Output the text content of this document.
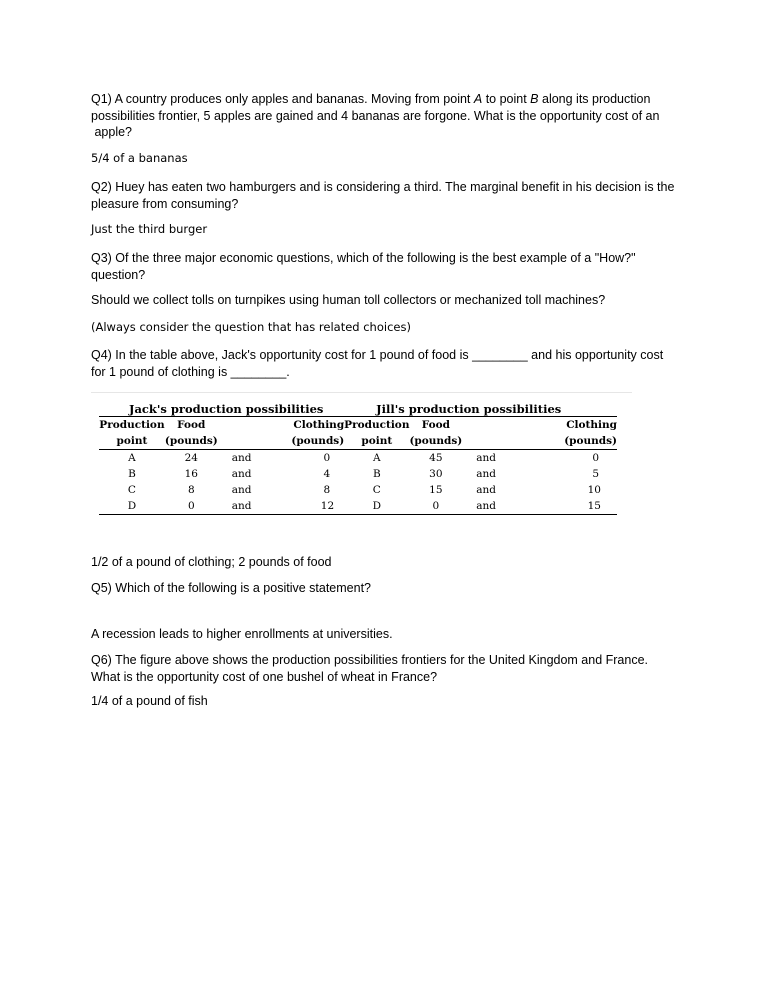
Q1) A country produces only apples and bananas. Moving from point A to point B along its production

possibilities frontier, 5 apples are gained and 4 bananas are forgone. What is the opportunity cost of an

apple?

5/4 of a bananas

Q2) Huey has eaten two hamburgers and is considering a third. The marginal benefit in his decision is the

pleasure from consuming?

Just the third burger

Q3) Of the three major economic questions, which of the following is the best example of a "How?"

question?

Should we collect tolls on turnpikes using human toll collectors or mechanized toll machines?

(Always consider the question that has related choices)

Q4) In the table above, Jack's opportunity cost for 1 pound of food is ________ and his opportunity cost

for 1 pound of clothing is ________.

Jack's production possibilities				Jill's production possibilities			
Production	Food		Clothing	Production	Food		Clothing
point	(pounds)		(pounds)	point	(pounds)		(pounds)
A	24	and	0	A	45	and	0
B	16	and	4	B	30	and	5
C	8	and	8	C	15	and	10
D	0	and	12	D	0	and	15

1/2 of a pound of clothing; 2 pounds of food

Q5) Which of the following is a positive statement?

A recession leads to higher enrollments at universities.

Q6) The figure above shows the production possibilities frontiers for the United Kingdom and France.

What is the opportunity cost of one bushel of wheat in France?

1/4 of a pound of fish
